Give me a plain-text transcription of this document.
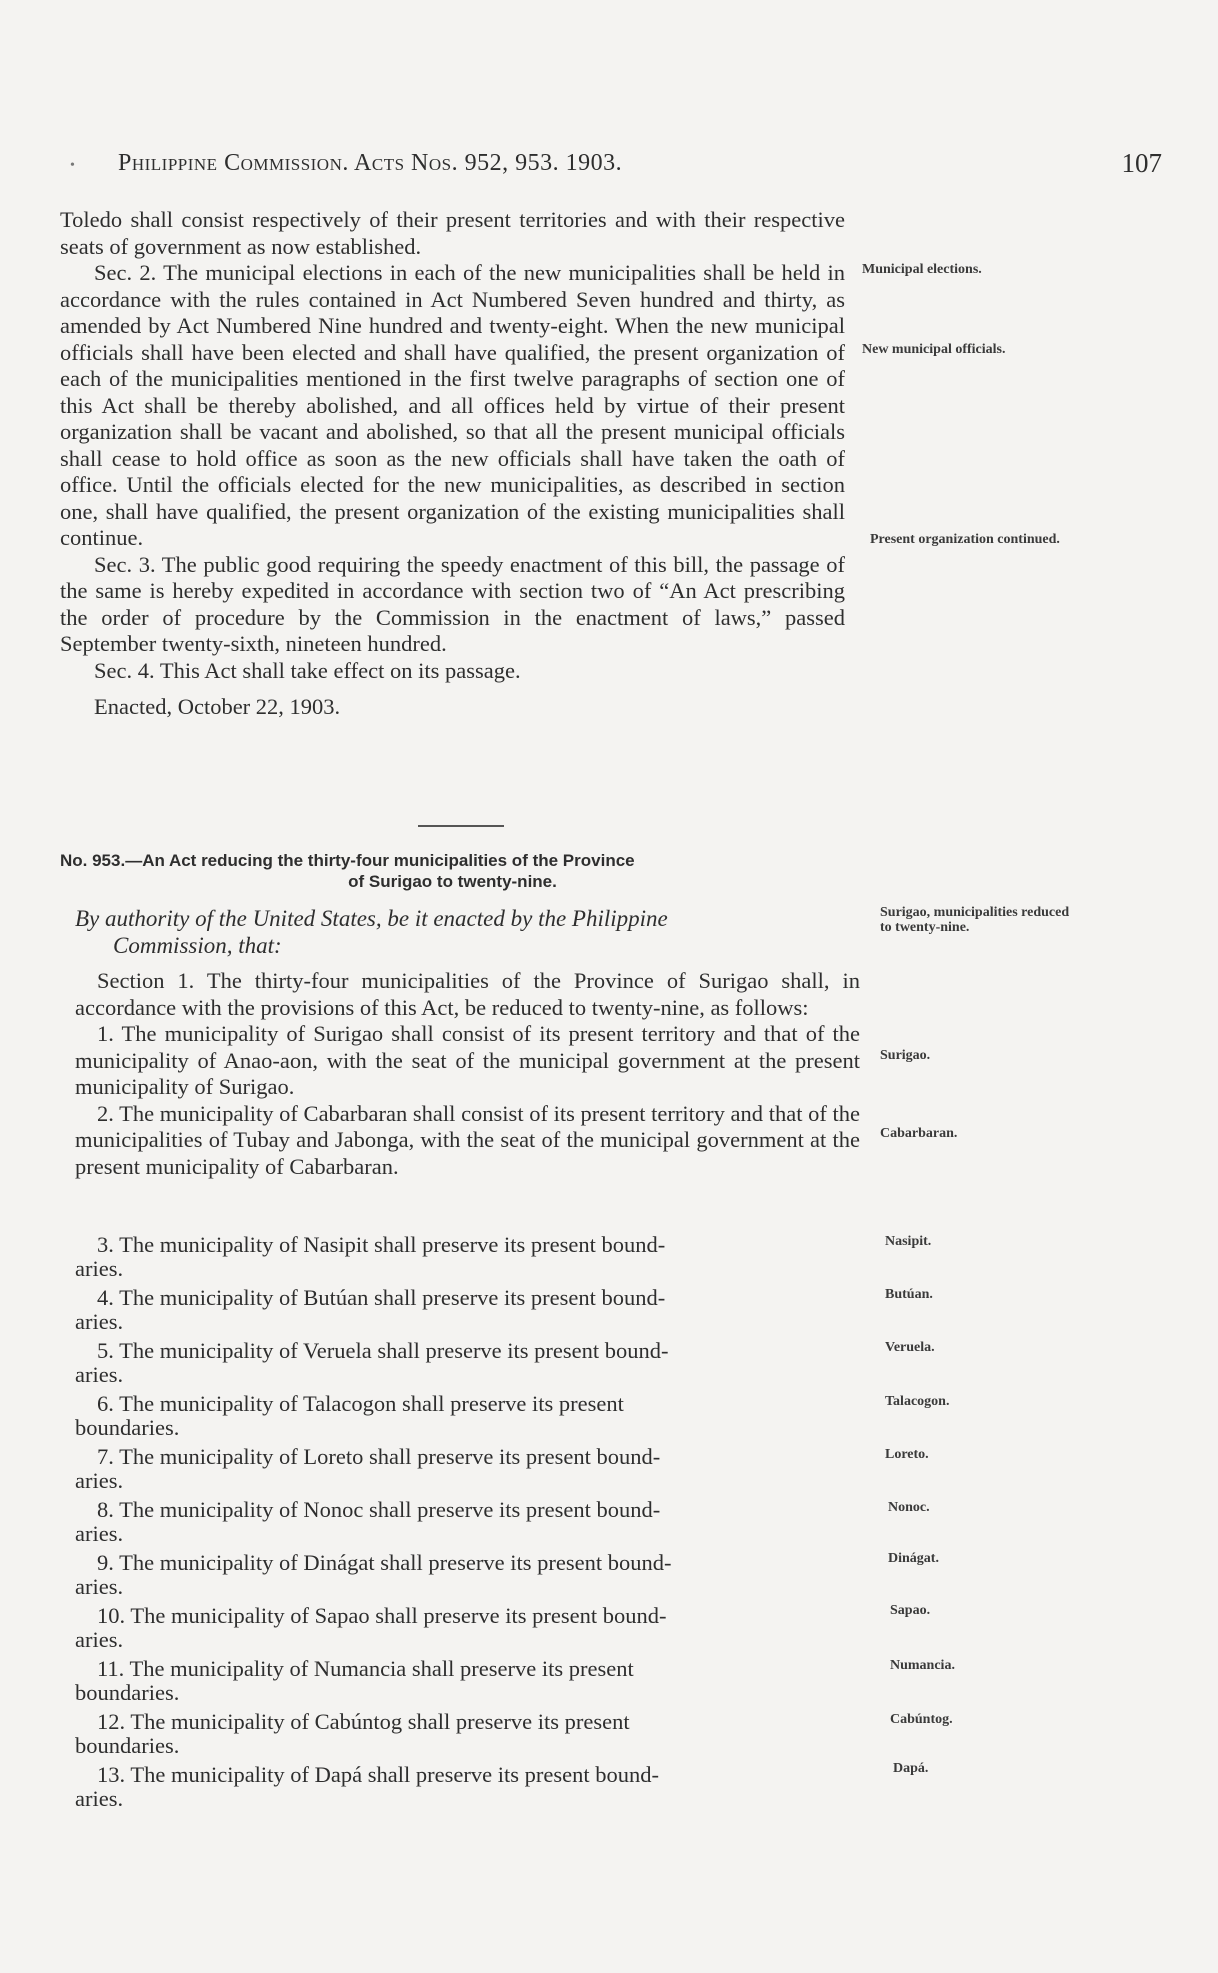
• Philippine Commission. Acts Nos. 952, 953. 1903.	107

Toledo shall consist respectively of their present territories and with their respective seats of government as now established.

Sec. 2. The municipal elections in each of the new municipalities shall be held in accordance with the rules contained in Act Numbered Seven hundred and thirty, as amended by Act Numbered Nine hundred and twenty-eight. When the new municipal officials shall have been elected and shall have qualified, the present organization of each of the municipalities mentioned in the first twelve paragraphs of section one of this Act shall be thereby abolished, and all offices held by virtue of their present organization shall be vacant and abolished, so that all the present municipal officials shall cease to hold office as soon as the new officials shall have taken the oath of office. Until the officials elected for the new municipalities, as described in section one, shall have qualified, the present organization of the existing municipalities shall continue.

Sec. 3. The public good requiring the speedy enactment of this bill, the passage of the same is hereby expedited in accordance with section two of “An Act prescribing the order of procedure by the Commission in the enactment of laws,” passed September twenty-sixth, nineteen hundred.

Sec. 4. This Act shall take effect on its passage.

Enacted, October 22, 1903.

Municipal elections.
New municipal officials.
Present organization continued.
Surigao, municipalities reduced to twenty-nine.
Surigao.
Cabarbaran.
Nasipit.
Butúan.
Veruela.
Talacogon.
Loreto.
Nonoc.
Dinágat.
Sapao.
Numancia.
Cabúntog.
Dapá.
No. 953.—An Act reducing the thirty-four municipalities of the Province
of Surigao to twenty-nine.
By authority of the United States, be it enacted by the Philippine
Commission, that:

Section 1. The thirty-four municipalities of the Province of Surigao shall, in accordance with the provisions of this Act, be reduced to twenty-nine, as follows:

1. The municipality of Surigao shall consist of its present territory and that of the municipality of Anao-aon, with the seat of the municipal government at the present municipality of Surigao.

2. The municipality of Cabarbaran shall consist of its present territory and that of the municipalities of Tubay and Jabonga, with the seat of the municipal government at the present municipality of Cabarbaran.

3. The municipality of Nasipit shall preserve its present bound-
aries.
4. The municipality of Butúan shall preserve its present bound-
aries.
5. The municipality of Veruela shall preserve its present bound-
aries.
6. The municipality of Talacogon shall preserve its present
boundaries.
7. The municipality of Loreto shall preserve its present bound-
aries.
8. The municipality of Nonoc shall preserve its present bound-
aries.
9. The municipality of Dinágat shall preserve its present bound-
aries.
10. The municipality of Sapao shall preserve its present bound-
aries.
11. The municipality of Numancia shall preserve its present
boundaries.
12. The municipality of Cabúntog shall preserve its present
boundaries.
13. The municipality of Dapá shall preserve its present bound-
aries.
